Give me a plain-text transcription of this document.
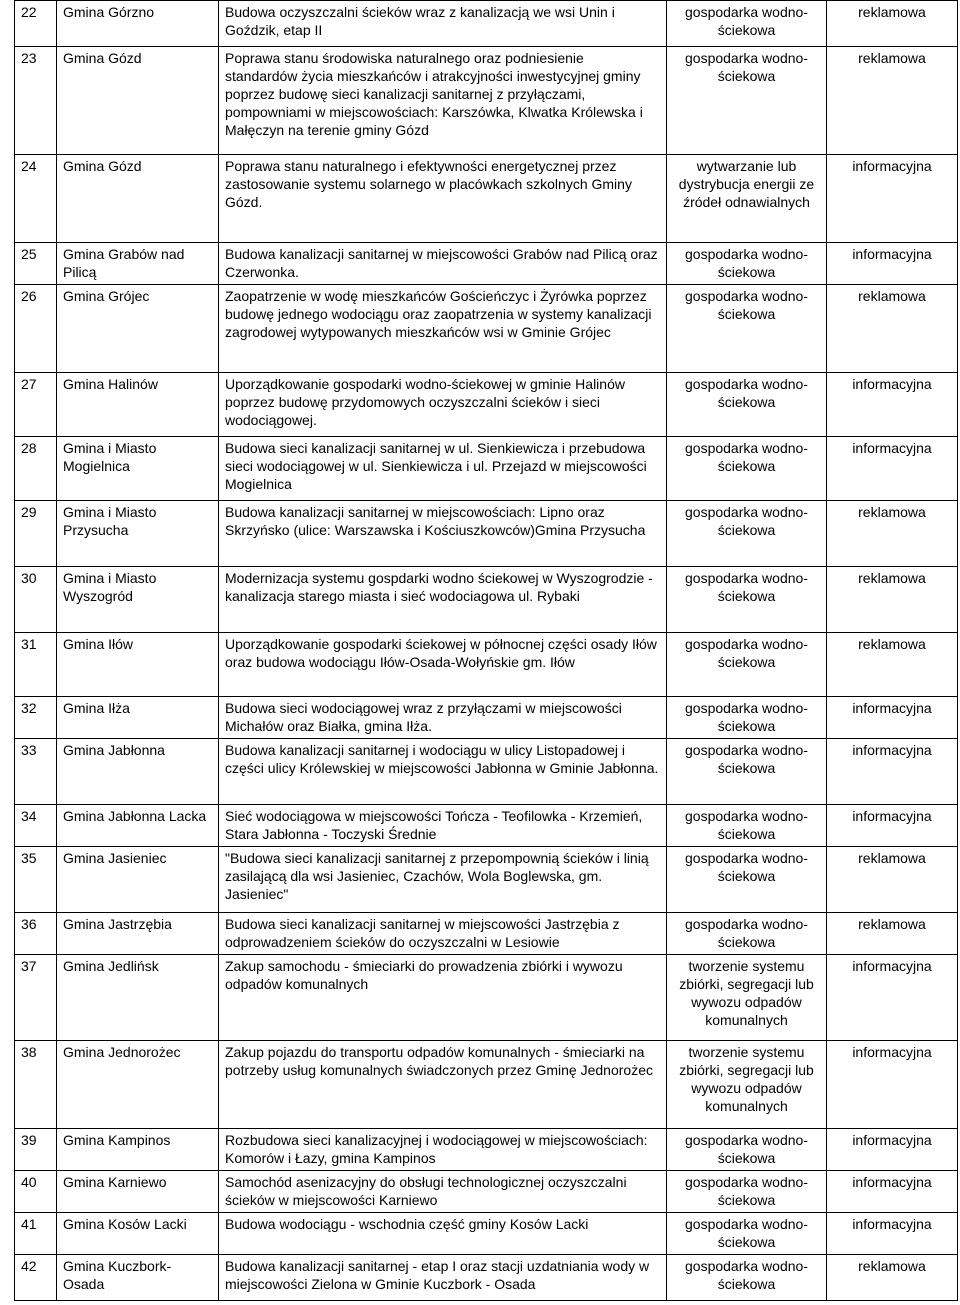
22	Gmina Górzno	Budowa oczyszczalni ścieków wraz z kanalizacją we wsi Unin i Goździk, etap II	gospodarka wodno-ściekowa	reklamowa
23	Gmina Gózd	Poprawa stanu środowiska naturalnego oraz podniesienie standardów życia mieszkańców i atrakcyjności inwestycyjnej gminy poprzez budowę sieci kanalizacji sanitarnej z przyłączami, pompowniami w miejscowościach: Karszówka, Klwatka Królewska i Małęczyn na terenie gminy Gózd	gospodarka wodno-ściekowa	reklamowa
24	Gmina Gózd	Poprawa stanu naturalnego i efektywności energetycznej przez zastosowanie systemu solarnego w placówkach szkolnych Gminy Gózd.	wytwarzanie lub dystrybucja energii ze źródeł odnawialnych	informacyjna
25	Gmina Grabów nad Pilicą	Budowa kanalizacji sanitarnej w miejscowości Grabów nad Pilicą oraz Czerwonka.	gospodarka wodno-ściekowa	informacyjna
26	Gmina Grójec	Zaopatrzenie w wodę mieszkańców Gościeńczyc i Żyrówka poprzez budowę jednego wodociągu oraz zaopatrzenia w systemy kanalizacji zagrodowej wytypowanych mieszkańców wsi w Gminie Grójec	gospodarka wodno-ściekowa	reklamowa
27	Gmina Halinów	Uporządkowanie gospodarki wodno-ściekowej w gminie Halinów poprzez budowę przydomowych oczyszczalni ścieków i sieci wodociągowej.	gospodarka wodno-ściekowa	informacyjna
28	Gmina i Miasto Mogielnica	Budowa sieci kanalizacji sanitarnej w ul. Sienkiewicza i przebudowa sieci wodociągowej w ul. Sienkiewicza i ul. Przejazd w miejscowości Mogielnica	gospodarka wodno-ściekowa	informacyjna
29	Gmina i Miasto Przysucha	Budowa kanalizacji sanitarnej w miejscowościach: Lipno oraz Skrzyńsko (ulice: Warszawska i Kościuszkowców)Gmina Przysucha	gospodarka wodno-ściekowa	reklamowa
30	Gmina i Miasto Wyszogród	Modernizacja systemu gospdarki wodno ściekowej w Wyszogrodzie - kanalizacja starego miasta i sieć wodociagowa ul. Rybaki	gospodarka wodno-ściekowa	reklamowa
31	Gmina Iłów	Uporządkowanie gospodarki ściekowej w północnej części osady Iłów oraz budowa wodociągu Iłów-Osada-Wołyńskie gm. Iłów	gospodarka wodno-ściekowa	reklamowa
32	Gmina Iłża	Budowa sieci wodociągowej wraz z przyłączami w miejscowości Michałów oraz Białka, gmina Iłża.	gospodarka wodno-ściekowa	informacyjna
33	Gmina Jabłonna	Budowa kanalizacji sanitarnej i wodociągu w ulicy Listopadowej i części ulicy Królewskiej w miejscowości Jabłonna w Gminie Jabłonna.	gospodarka wodno-ściekowa	informacyjna
34	Gmina Jabłonna Lacka	Sieć wodociągowa w miejscowości Tończa - Teofilowka - Krzemień, Stara Jabłonna - Toczyski Średnie	gospodarka wodno-ściekowa	informacyjna
35	Gmina Jasieniec	"Budowa sieci kanalizacji sanitarnej z przepompownią ścieków i linią zasilającą dla wsi Jasieniec, Czachów, Wola Boglewska, gm. Jasieniec"	gospodarka wodno-ściekowa	reklamowa
36	Gmina Jastrzębia	Budowa sieci kanalizacji sanitarnej w miejscowości Jastrzębia z odprowadzeniem ścieków do oczyszczalni w Lesiowie	gospodarka wodno-ściekowa	reklamowa
37	Gmina Jedlińsk	Zakup samochodu - śmieciarki do prowadzenia zbiórki i wywozu odpadów komunalnych	tworzenie systemu zbiórki, segregacji lub wywozu odpadów komunalnych	informacyjna
38	Gmina Jednorożec	Zakup pojazdu do transportu odpadów komunalnych - śmieciarki na potrzeby usług komunalnych świadczonych przez Gminę Jednorożec	tworzenie systemu zbiórki, segregacji lub wywozu odpadów komunalnych	informacyjna
39	Gmina Kampinos	Rozbudowa sieci kanalizacyjnej i wodociągowej w miejscowościach: Komorów i Łazy, gmina Kampinos	gospodarka wodno-ściekowa	informacyjna
40	Gmina Karniewo	Samochód asenizacyjny do obsługi technologicznej oczyszczalni ścieków w miejscowości Karniewo	gospodarka wodno-ściekowa	informacyjna
41	Gmina Kosów Lacki	Budowa wodociągu - wschodnia część gminy Kosów Lacki	gospodarka wodno-ściekowa	informacyjna
42	Gmina Kuczbork-Osada	Budowa kanalizacji sanitarnej - etap I oraz stacji uzdatniania wody w miejscowości Zielona w Gminie Kuczbork - Osada	gospodarka wodno-ściekowa	reklamowa
